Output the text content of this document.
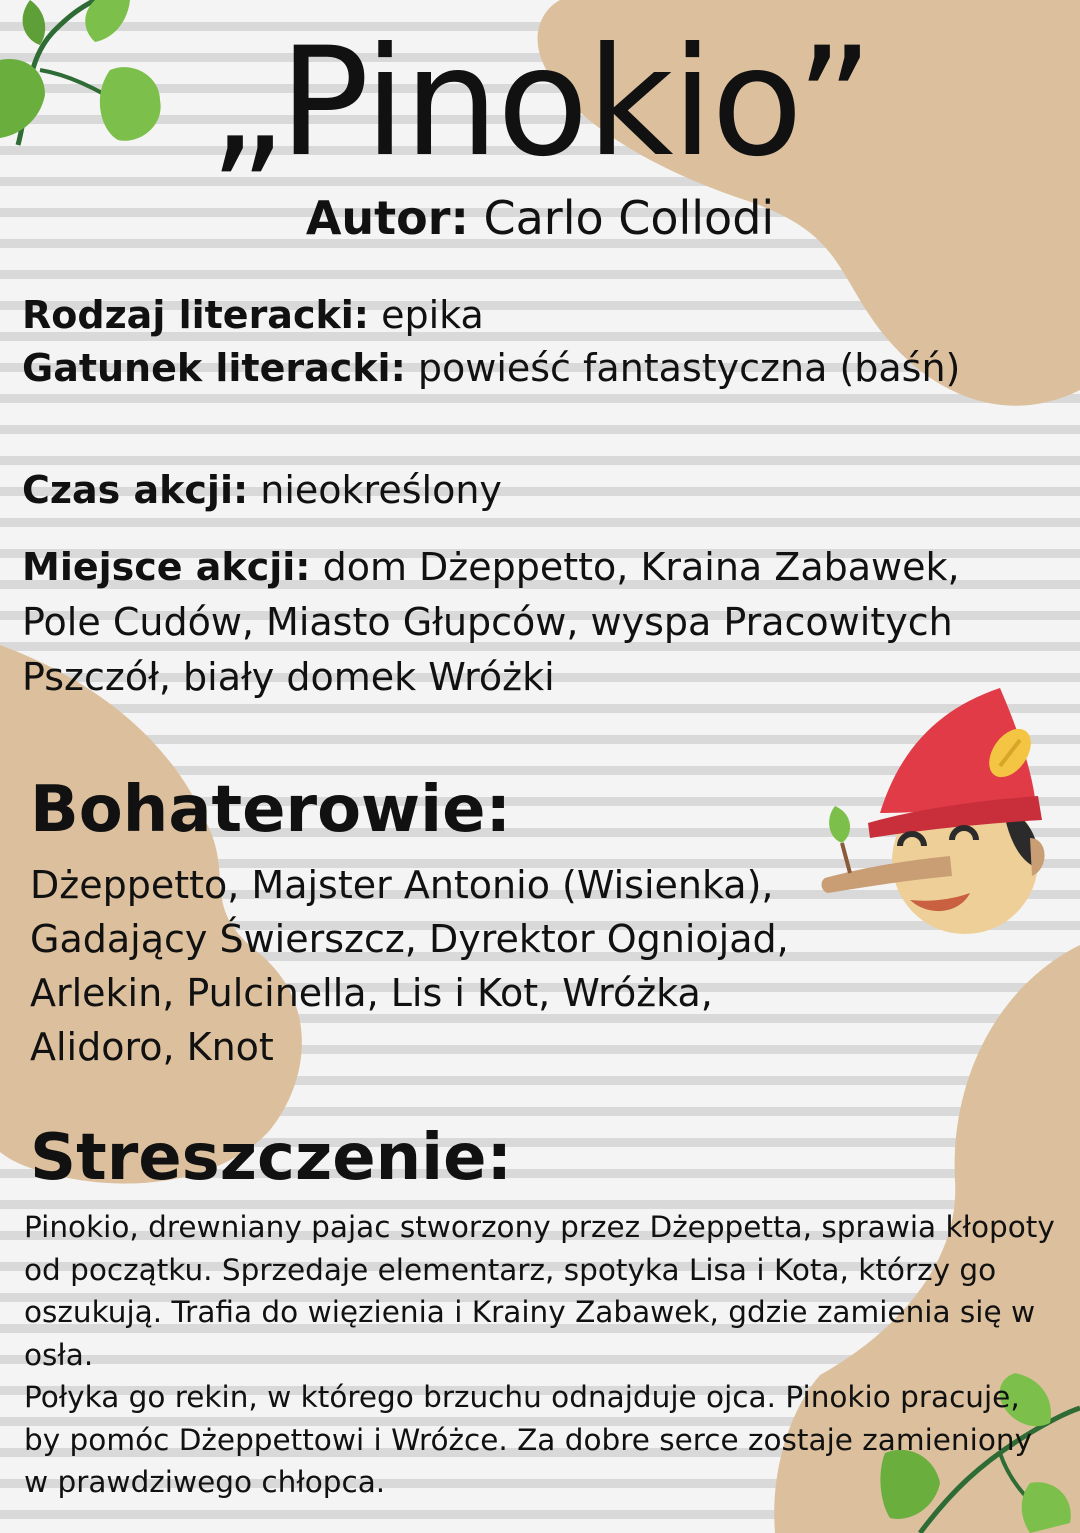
„Pinokio”
Autor: Carlo Collodi
Rodzaj literacki: epika
Gatunek literacki: powieść fantastyczna (baśń)
Czas akcji: nieokreślony
Miejsce akcji: dom Dżeppetto, Kraina Zabawek, Pole Cudów, Miasto Głupców, wyspa Pracowitych Pszczół, biały domek Wróżki
Bohaterowie:
Dżeppetto, Majster Antonio (Wisienka), Gadający Świerszcz, Dyrektor Ogniojad, Arlekin, Pulcinella, Lis i Kot, Wróżka, Alidoro, Knot
Streszczenie:

Pinokio, drewniany pajac stworzony przez Dżeppetta, sprawia kłopoty od początku. Sprzedaje elementarz, spotyka Lisa i Kota, którzy go oszukują. Trafia do więzienia i Krainy Zabawek, gdzie zamienia się w osła.

Połyka go rekin, w którego brzuchu odnajduje ojca. Pinokio pracuje, by pomóc Dżeppettowi i Wróżce. Za dobre serce zostaje zamieniony w prawdziwego chłopca.
